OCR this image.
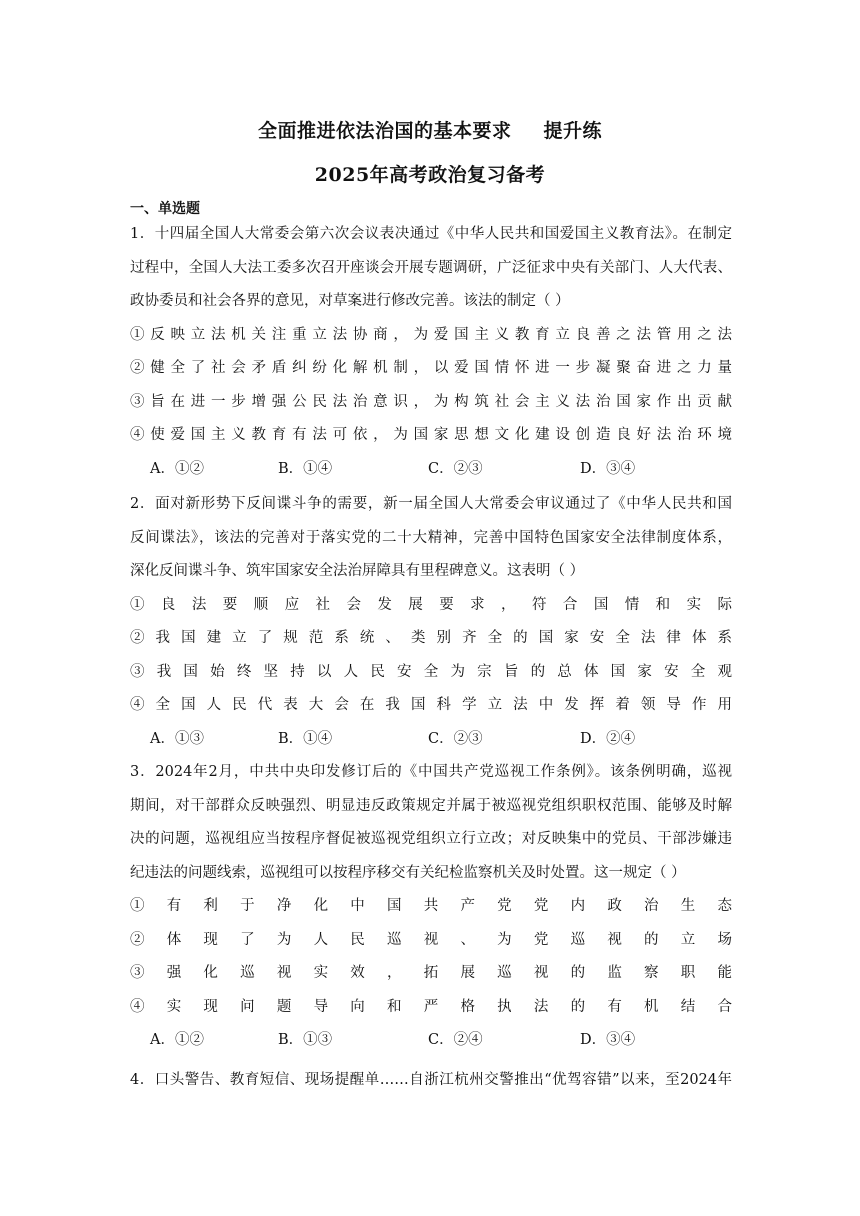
全面推进依法治国的基本要求 提升练
2025年高考政治复习备考
一、单选题

1．十四届全国人大常委会第六次会议表决通过《中华人民共和国爱国主义教育法》。在制定

过程中，全国人大法工委多次召开座谈会开展专题调研，广泛征求中央有关部门、人大代表、

政协委员和社会各界的意见，对草案进行修改完善。该法的制定（ ）

①反映立法机关注重立法协商，为爱国主义教育立良善之法管用之法

②健全了社会矛盾纠纷化解机制，以爱国情怀进一步凝聚奋进之力量

③旨在进一步增强公民法治意识，为构筑社会主义法治国家作出贡献

④使爱国主义教育有法可依，为国家思想文化建设创造良好法治环境

A．①②	B．①④	C．②③	D．③④

2．面对新形势下反间谍斗争的需要，新一届全国人大常委会审议通过了《中华人民共和国

反间谍法》，该法的完善对于落实党的二十大精神，完善中国特色国家安全法律制度体系，

深化反间谍斗争、筑牢国家安全法治屏障具有里程碑意义。这表明（ ）

①良法要顺应社会发展要求，符合国情和实际

②我国建立了规范系统、类别齐全的国家安全法律体系

③我国始终坚持以人民安全为宗旨的总体国家安全观

④全国人民代表大会在我国科学立法中发挥着领导作用

A．①③	B．①④	C．②③	D．②④

3．2024年2月，中共中央印发修订后的《中国共产党巡视工作条例》。该条例明确，巡视

期间，对干部群众反映强烈、明显违反政策规定并属于被巡视党组织职权范围、能够及时解

决的问题，巡视组应当按程序督促被巡视党组织立行立改；对反映集中的党员、干部涉嫌违

纪违法的问题线索，巡视组可以按程序移交有关纪检监察机关及时处置。这一规定（ ）

①有利于净化中国共产党党内政治生态

②体现了为人民巡视、为党巡视的立场

③强化巡视实效，拓展巡视的监察职能

④实现问题导向和严格执法的有机结合

A．①②	B．①③	C．②④	D．③④

4．口头警告、教育短信、现场提醒单……自浙江杭州交警推出“优驾容错”以来，至2024年
